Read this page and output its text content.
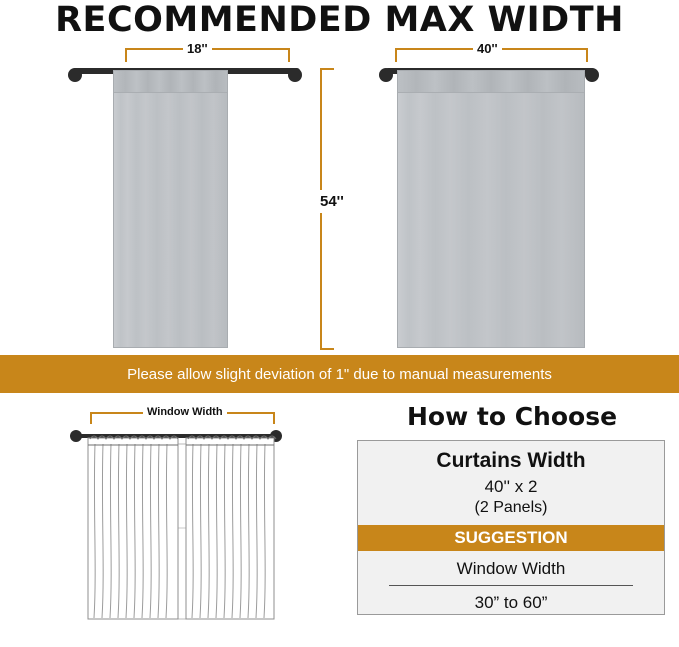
RECOMMENDED MAX WIDTH
18''	40''
54''
Please allow slight deviation of 1" due to manual measurements
Window Width	How to Choose
Curtains Width
40'' x 2
(2 Panels)
SUGGESTION
Window Width
30” to 60”
